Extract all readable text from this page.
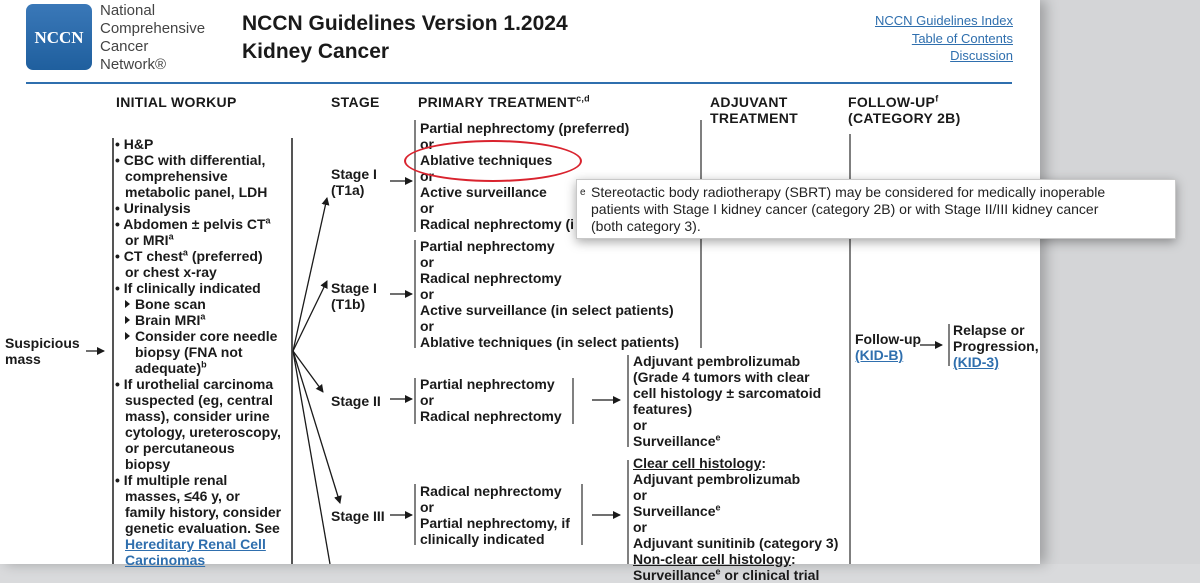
NCCN
National
Comprehensive
Cancer
Network®
NCCN Guidelines Version 1.2024
Kidney Cancer
NCCN Guidelines Index
Table of Contents
Discussion
INITIAL WORKUP	STAGE	PRIMARY TREATMENT$^{c,d}$	ADJUVANT
TREATMENT
FOLLOW-$UP^f$
(CATEGORY 2B)
Suspicious
mass
• H&P
• CBC with differential,
comprehensive
metabolic panel, LDH
• Urinalysis
• Abdomen ± pelvis $CT^a$
or MRI$^a$
• CT chest$^a$ (preferred)
or chest x-ray
• If clinically indicated
Bone scan
Brain MRI$^a$
Consider core needle
biopsy (FNA not
adequate)$^b$
• If urothelial carcinoma
suspected (eg, central
mass), consider urine
cytology, ureteroscopy,
or percutaneous
biopsy
• If multiple renal
masses, ≤46 y, or
family history, consider
genetic evaluation. See
Hereditary Renal Cell
Carcinomas
Stage I
(T1a)
Stage I
(T1b)
Stage II
Stage III
Partial nephrectomy (preferred)
or
Ablative techniques
or
Active surveillance
or
Radical nephrectomy (i
Partial nephrectomy
or
Radical nephrectomy
or
Active surveillance (in select patients)
or
Ablative techniques (in select patients)
Partial nephrectomy
or
Radical nephrectomy
Radical nephrectomy
or
Partial nephrectomy, if
clinically indicated
Adjuvant pembrolizumab
(Grade 4 tumors with clear
cell histology ± sarcomatoid
features)
or
Surveillance$^e$
Clear cell histology:
Adjuvant pembrolizumab
or
Surveillance$^e$
or
Adjuvant sunitinib (category 3)
Non-clear cell histology:
Surveillance$^e$ or clinical trial
Follow-up
(KID-B)
Relapse or
Progression,
(KID-3)
e Stereotactic body radiotherapy (SBRT) may be considered for medically inoperable
patients with Stage I kidney cancer (category 2B) or with Stage II/III kidney cancer
(both category 3).
